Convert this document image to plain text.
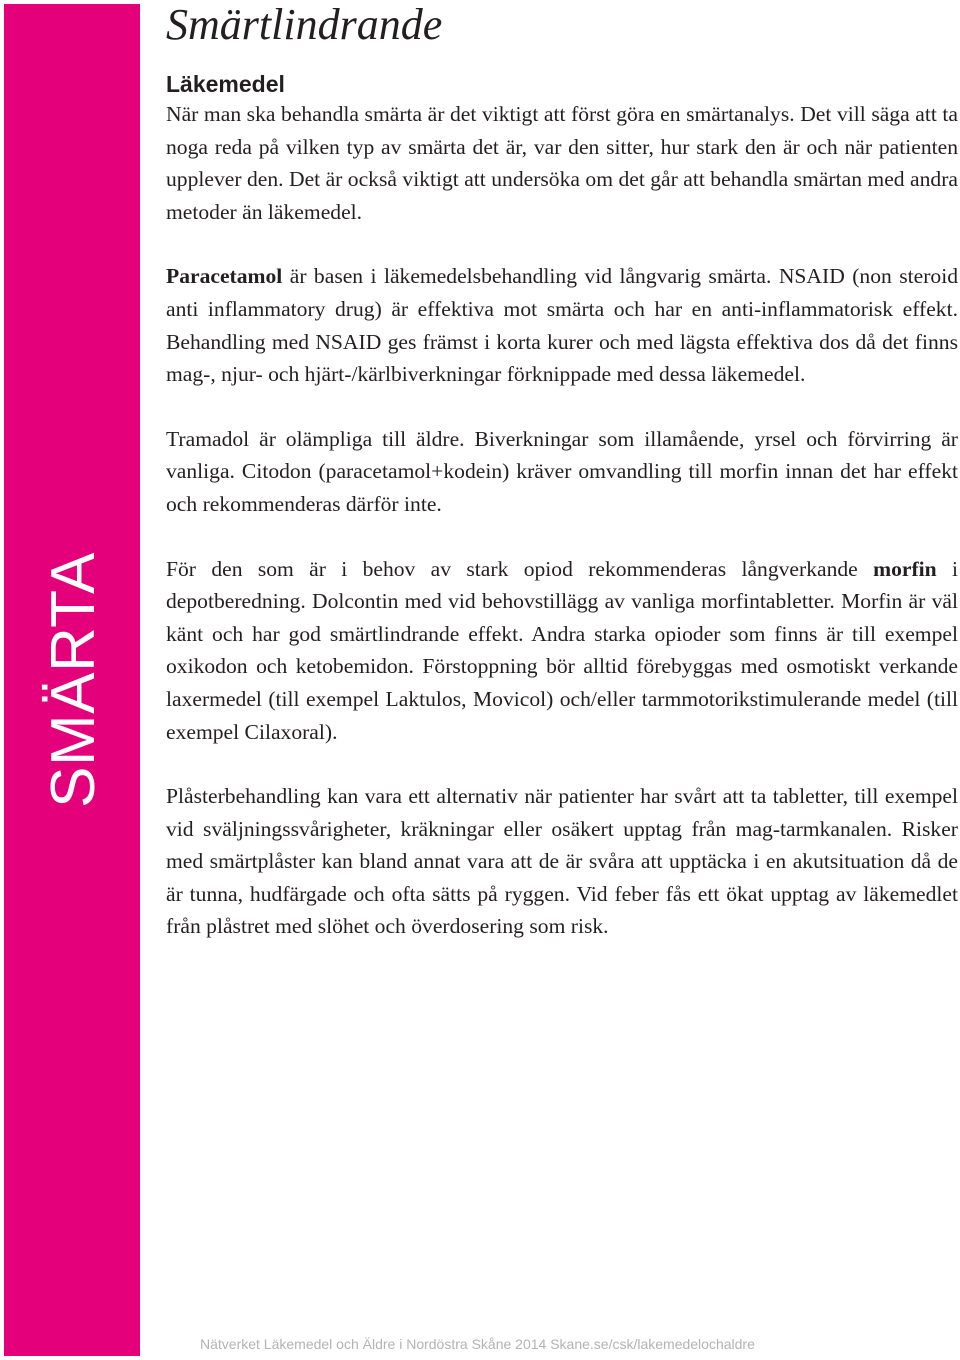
SMÄRTA
Smärtlindrande
Läkemedel

När man ska behandla smärta är det viktigt att först göra en smärtanalys. Det vill säga att ta noga reda på vilken typ av smärta det är, var den sitter, hur stark den är och när patienten upplever den. Det är också viktigt att undersöka om det går att behandla smärtan med andra metoder än läkemedel.

Paracetamol är basen i läkemedelsbehandling vid långvarig smärta. NSAID (non steroid anti inflammatory drug) är effektiva mot smärta och har en anti-inflammatorisk effekt. Behandling med NSAID ges främst i korta kurer och med lägsta effektiva dos då det finns mag-, njur- och hjärt-/kärlbiverkningar förknippade med dessa läkemedel.

Tramadol är olämpliga till äldre. Biverkningar som illamående, yrsel och förvirring är vanliga. Citodon (paracetamol+kodein) kräver omvandling till morfin innan det har effekt och rekommenderas därför inte.

För den som är i behov av stark opiod rekommenderas långverkande morfin i depotberedning. Dolcontin med vid behovstillägg av vanliga morfintabletter. Morfin är väl känt och har god smärtlindrande effekt. Andra starka opioder som finns är till exempel oxikodon och ketobemidon. Förstoppning bör alltid förebyggas med osmotiskt verkande laxermedel (till exempel Laktulos, Movicol) och/eller tarmmotorikstimulerande medel (till exempel Cilaxoral).

Plåsterbehandling kan vara ett alternativ när patienter har svårt att ta tabletter, till exempel vid sväljningssvårigheter, kräkningar eller osäkert upptag från mag-tarmkanalen. Risker med smärtplåster kan bland annat vara att de är svåra att upptäcka i en akutsituation då de är tunna, hudfärgade och ofta sätts på ryggen. Vid feber fås ett ökat upptag av läkemedlet från plåstret med slöhet och överdosering som risk.

Nätverket Läkemedel och Äldre i Nordöstra Skåne 2014 Skane.se/csk/lakemedelochaldre
